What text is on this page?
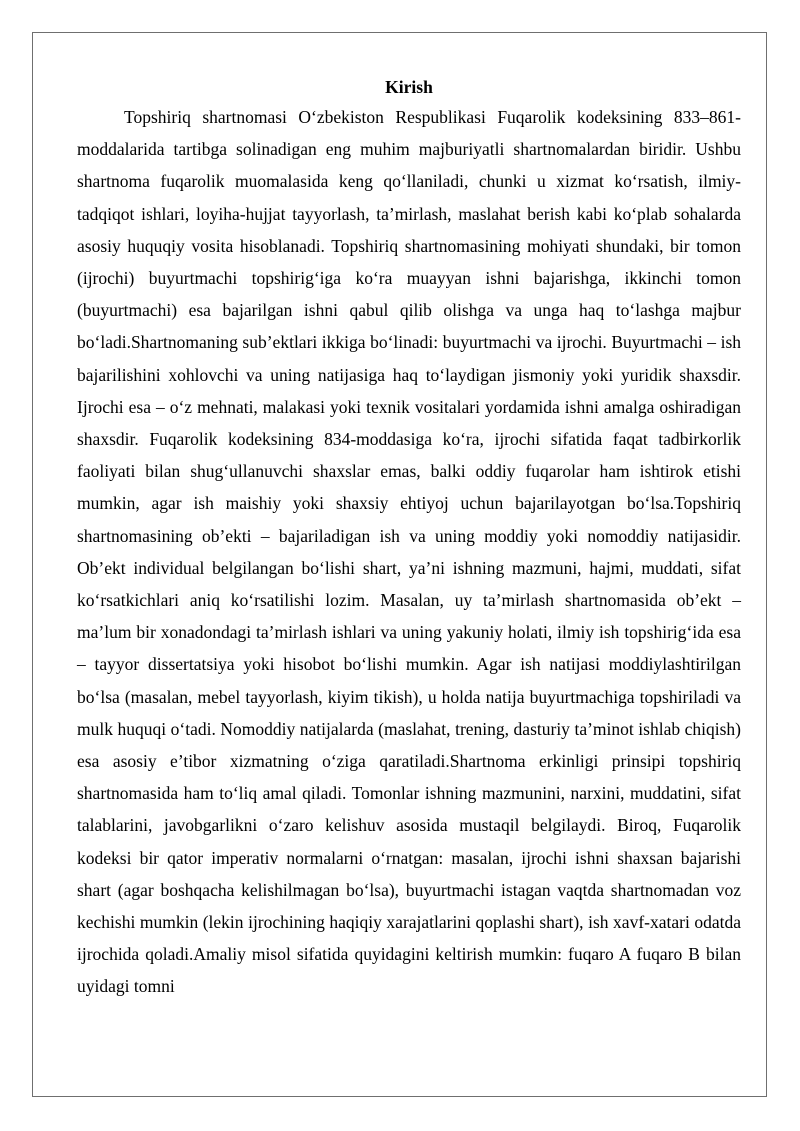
Kirish

Topshiriq shartnomasi O‘zbekiston Respublikasi Fuqarolik kodeksining 833–861-moddalarida tartibga solinadigan eng muhim majburiyatli shartnomalardan biridir. Ushbu shartnoma fuqarolik muomalasida keng qo‘llaniladi, chunki u xizmat ko‘rsatish, ilmiy-tadqiqot ishlari, loyiha-hujjat tayyorlash, ta’mirlash, maslahat berish kabi ko‘plab sohalarda asosiy huquqiy vosita hisoblanadi. Topshiriq shartnomasining mohiyati shundaki, bir tomon (ijrochi) buyurtmachi topshirig‘iga ko‘ra muayyan ishni bajarishga, ikkinchi tomon (buyurtmachi) esa bajarilgan ishni qabul qilib olishga va unga haq to‘lashga majbur bo‘ladi.Shartnomaning sub’ektlari ikkiga bo‘linadi: buyurtmachi va ijrochi. Buyurtmachi – ish bajarilishini xohlovchi va uning natijasiga haq to‘laydigan jismoniy yoki yuridik shaxsdir. Ijrochi esa – o‘z mehnati, malakasi yoki texnik vositalari yordamida ishni amalga oshiradigan shaxsdir. Fuqarolik kodeksining 834-moddasiga ko‘ra, ijrochi sifatida faqat tadbirkorlik faoliyati bilan shug‘ullanuvchi shaxslar emas, balki oddiy fuqarolar ham ishtirok etishi mumkin, agar ish maishiy yoki shaxsiy ehtiyoj uchun bajarilayotgan bo‘lsa.Topshiriq shartnomasining ob’ekti – bajariladigan ish va uning moddiy yoki nomoddiy natijasidir. Ob’ekt individual belgilangan bo‘lishi shart, ya’ni ishning mazmuni, hajmi, muddati, sifat ko‘rsatkichlari aniq ko‘rsatilishi lozim. Masalan, uy ta’mirlash shartnomasida ob’ekt – ma’lum bir xonadondagi ta’mirlash ishlari va uning yakuniy holati, ilmiy ish topshirig‘ida esa – tayyor dissertatsiya yoki hisobot bo‘lishi mumkin. Agar ish natijasi moddiylashtirilgan bo‘lsa (masalan, mebel tayyorlash, kiyim tikish), u holda natija buyurtmachiga topshiriladi va mulk huquqi o‘tadi. Nomoddiy natijalarda (maslahat, trening, dasturiy ta’minot ishlab chiqish) esa asosiy e’tibor xizmatning o‘ziga qaratiladi.Shartnoma erkinligi prinsipi topshiriq shartnomasida ham to‘liq amal qiladi. Tomonlar ishning mazmunini, narxini, muddatini, sifat talablarini, javobgarlikni o‘zaro kelishuv asosida mustaqil belgilaydi. Biroq, Fuqarolik kodeksi bir qator imperativ normalarni o‘rnatgan: masalan, ijrochi ishni shaxsan bajarishi shart (agar boshqacha kelishilmagan bo‘lsa), buyurtmachi istagan vaqtda shartnomadan voz kechishi mumkin (lekin ijrochining haqiqiy xarajatlarini qoplashi shart), ish xavf-xatari odatda ijrochida qoladi.Amaliy misol sifatida quyidagini keltirish mumkin: fuqaro A fuqaro B bilan uyidagi tomni
